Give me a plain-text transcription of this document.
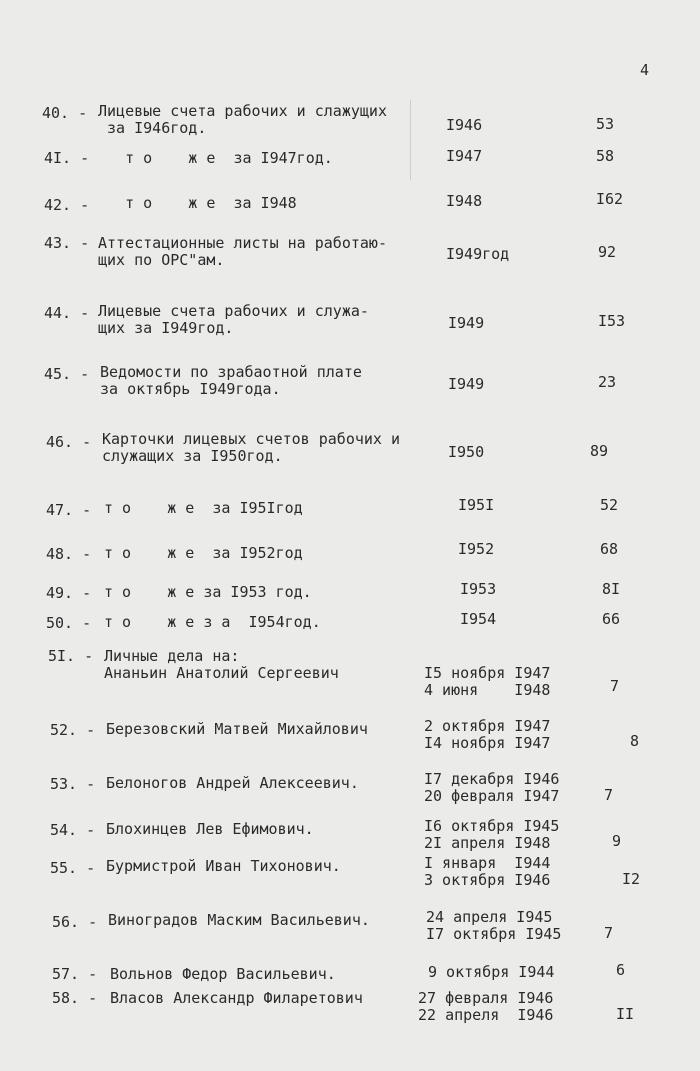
4
40. - Лицевые счета рабочих и слажущих
за I946год.	I946	53
4I. - т о    ж е  за I947год.	I947	58
42. - т о    ж е  за I948	I948	I62
43. - Аттестационные листы на работаю-
щих по ОРС"ам.	I949год	92
44. - Лицевые счета рабочих и служа-
щих за I949год.	I949	I53
45. - Ведомости по зрабаотной плате
за октябрь I949года.	I949	23
46. - Карточки лицевых счетов рабочих и
служащих за I950год.	I950	89
47. - т о    ж е  за I95Iгод	I95I	52
48. - т о    ж е  за I952год	I952	68
49. - т о    ж е за I953 год.	I953	8I
50. - т о    ж е з а  I954год.	I954	66
5I. - Личные дела на:
Ананьин Анатолий Сергеевич	
I5 ноября I947
4 июня    I948	7
52. - Березовский Матвей Михайлович	2 октября I947
I4 ноября I947	8
53. - Белоногов Андрей Алексеевич.	I7 декабря I946
20 февраля I947	7
54. - Блохинцев Лев Ефимович.	I6 октября I945
2I апреля I948	9
55. - Бурмистрой Иван Тихонович.	I января  I944
3 октября I946	I2
56. - Виноградов Маским Васильевич.	24 апреля I945
I7 октября I945	7
57. - Вольнов Федор Васильевич.	9 октября I944	6
58. - Власов Александр Филаретович	27 февраля I946
22 апреля  I946	II
